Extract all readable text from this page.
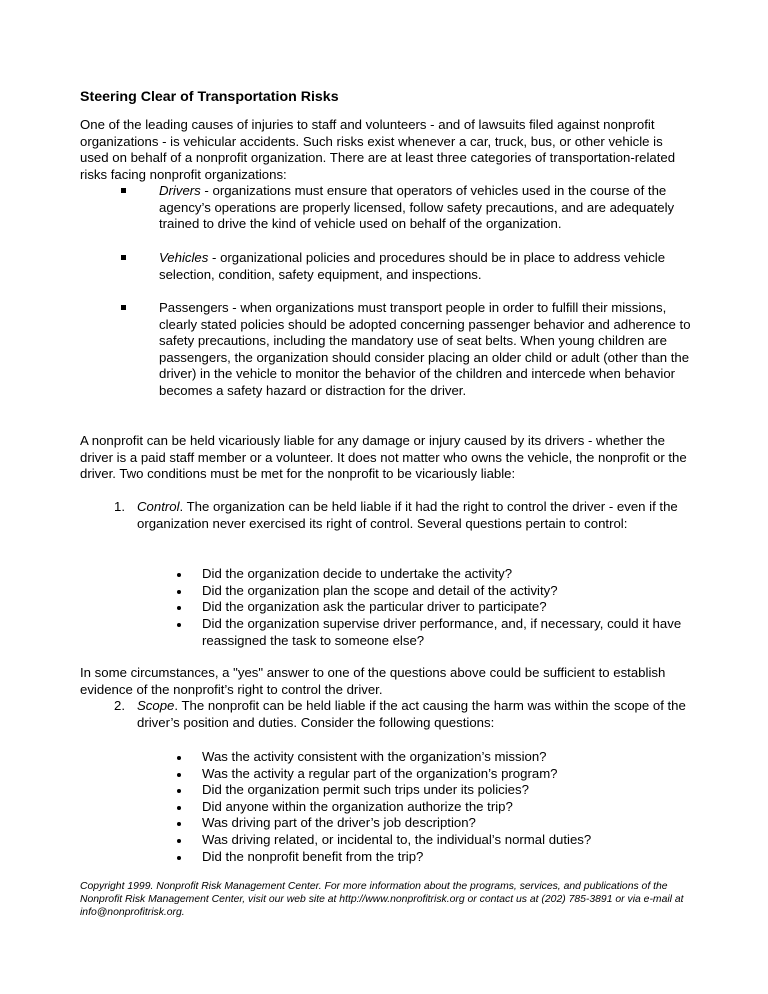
Steering Clear of Transportation Risks

One of the leading causes of injuries to staff and volunteers - and of lawsuits filed against nonprofit organizations - is vehicular accidents. Such risks exist whenever a car, truck, bus, or other vehicle is used on behalf of a nonprofit organization. There are at least three categories of transportation-related risks facing nonprofit organizations:

Drivers - organizations must ensure that operators of vehicles used in the course of the agency’s operations are properly licensed, follow safety precautions, and are adequately trained to drive the kind of vehicle used on behalf of the organization.

Vehicles - organizational policies and procedures should be in place to address vehicle selection, condition, safety equipment, and inspections.

Passengers - when organizations must transport people in order to fulfill their missions, clearly stated policies should be adopted concerning passenger behavior and adherence to safety precautions, including the mandatory use of seat belts. When young children are passengers, the organization should consider placing an older child or adult (other than the driver) in the vehicle to monitor the behavior of the children and intercede when behavior becomes a safety hazard or distraction for the driver.

A nonprofit can be held vicariously liable for any damage or injury caused by its drivers - whether the driver is a paid staff member or a volunteer. It does not matter who owns the vehicle, the nonprofit or the driver. Two conditions must be met for the nonprofit to be vicariously liable:

1. Control. The organization can be held liable if it had the right to control the driver - even if the organization never exercised its right of control. Several questions pertain to control:

Did the organization decide to undertake the activity?

Did the organization plan the scope and detail of the activity?

Did the organization ask the particular driver to participate?

Did the organization supervise driver performance, and, if necessary, could it have reassigned the task to someone else?

In some circumstances, a "yes" answer to one of the questions above could be sufficient to establish evidence of the nonprofit’s right to control the driver.

2. Scope. The nonprofit can be held liable if the act causing the harm was within the scope of the driver’s position and duties. Consider the following questions:

Was the activity consistent with the organization’s mission?

Was the activity a regular part of the organization’s program?

Did the organization permit such trips under its policies?

Did anyone within the organization authorize the trip?

Was driving part of the driver’s job description?

Was driving related, or incidental to, the individual’s normal duties?

Did the nonprofit benefit from the trip?

Copyright 1999. Nonprofit Risk Management Center. For more information about the programs, services, and publications of the Nonprofit Risk Management Center, visit our web site at http://www.nonprofitrisk.org or contact us at (202) 785-3891 or via e-mail at info@nonprofitrisk.org.
